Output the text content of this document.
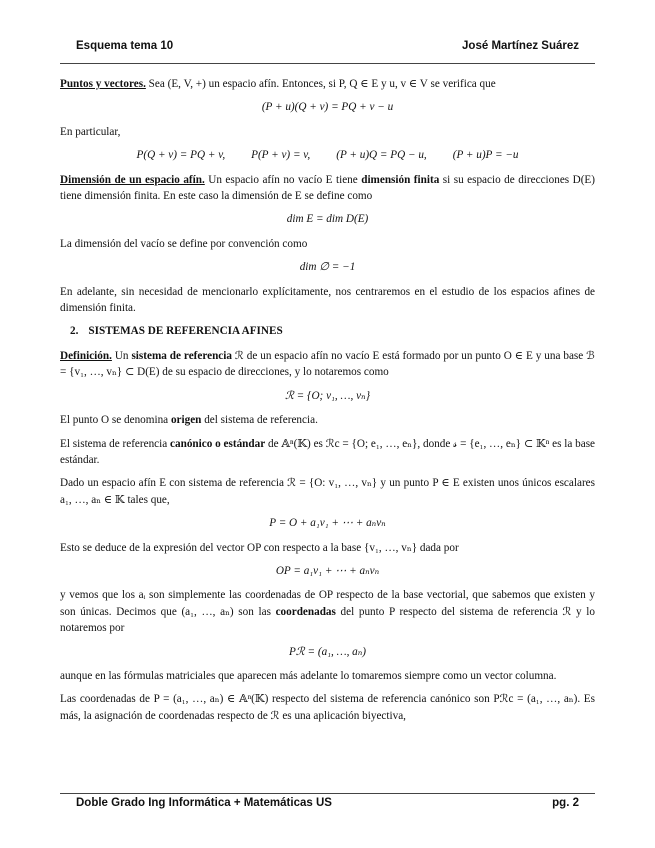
Esquema tema 10	José Martínez Suárez

Puntos y vectores. Sea (E, V, +) un espacio afín. Entonces, si P, Q ∈ E y u, v ∈ V se verifica que

(P + u)(Q + v) = PQ + v − u

En particular,

P(Q + v) = PQ + v, P(P + v) = v, (P + u)Q = PQ − u, (P + u)P = −u

Dimensión de un espacio afín. Un espacio afín no vacío E tiene dimensión finita si su espacio de direcciones D(E) tiene dimensión finita. En este caso la dimensión de E se define como

dim E = dim D(E)

La dimensión del vacío se define por convención como

dim ∅ = −1

En adelante, sin necesidad de mencionarlo explícitamente, nos centraremos en el estudio de los espacios afines de dimensión finita.

2. SISTEMAS DE REFERENCIA AFINES

Definición. Un sistema de referencia ℛ de un espacio afín no vacío E está formado por un punto O ∈ E y una base ℬ = {v₁, …, vₙ} ⊂ D(E) de su espacio de direcciones, y lo notaremos como

ℛ = {O; v₁, …, vₙ}

El punto O se denomina origen del sistema de referencia.

El sistema de referencia canónico o estándar de 𝔸ⁿ(𝕂) es ℛc = {O; e₁, …, eₙ}, donde 𝓈 = {e₁, …, eₙ} ⊂ 𝕂ⁿ es la base estándar.

Dado un espacio afín E con sistema de referencia ℛ = {O: v₁, …, vₙ} y un punto P ∈ E existen unos únicos escalares a₁, …, aₙ ∈ 𝕂 tales que,

P = O + a₁v₁ + ⋯ + aₙvₙ

Esto se deduce de la expresión del vector OP con respecto a la base {v₁, …, vₙ} dada por

OP = a₁v₁ + ⋯ + aₙvₙ

y vemos que los aᵢ son simplemente las coordenadas de OP respecto de la base vectorial, que sabemos que existen y son únicas. Decimos que (a₁, …, aₙ) son las coordenadas del punto P respecto del sistema de referencia ℛ y lo notaremos por

Pℛ = (a₁, …, aₙ)

aunque en las fórmulas matriciales que aparecen más adelante lo tomaremos siempre como un vector columna.

Las coordenadas de P = (a₁, …, aₙ) ∈ 𝔸ⁿ(𝕂) respecto del sistema de referencia canónico son Pℛc = (a₁, …, aₙ). Es más, la asignación de coordenadas respecto de ℛ es una aplicación biyectiva,

Doble Grado Ing Informática + Matemáticas US	pg. 2
